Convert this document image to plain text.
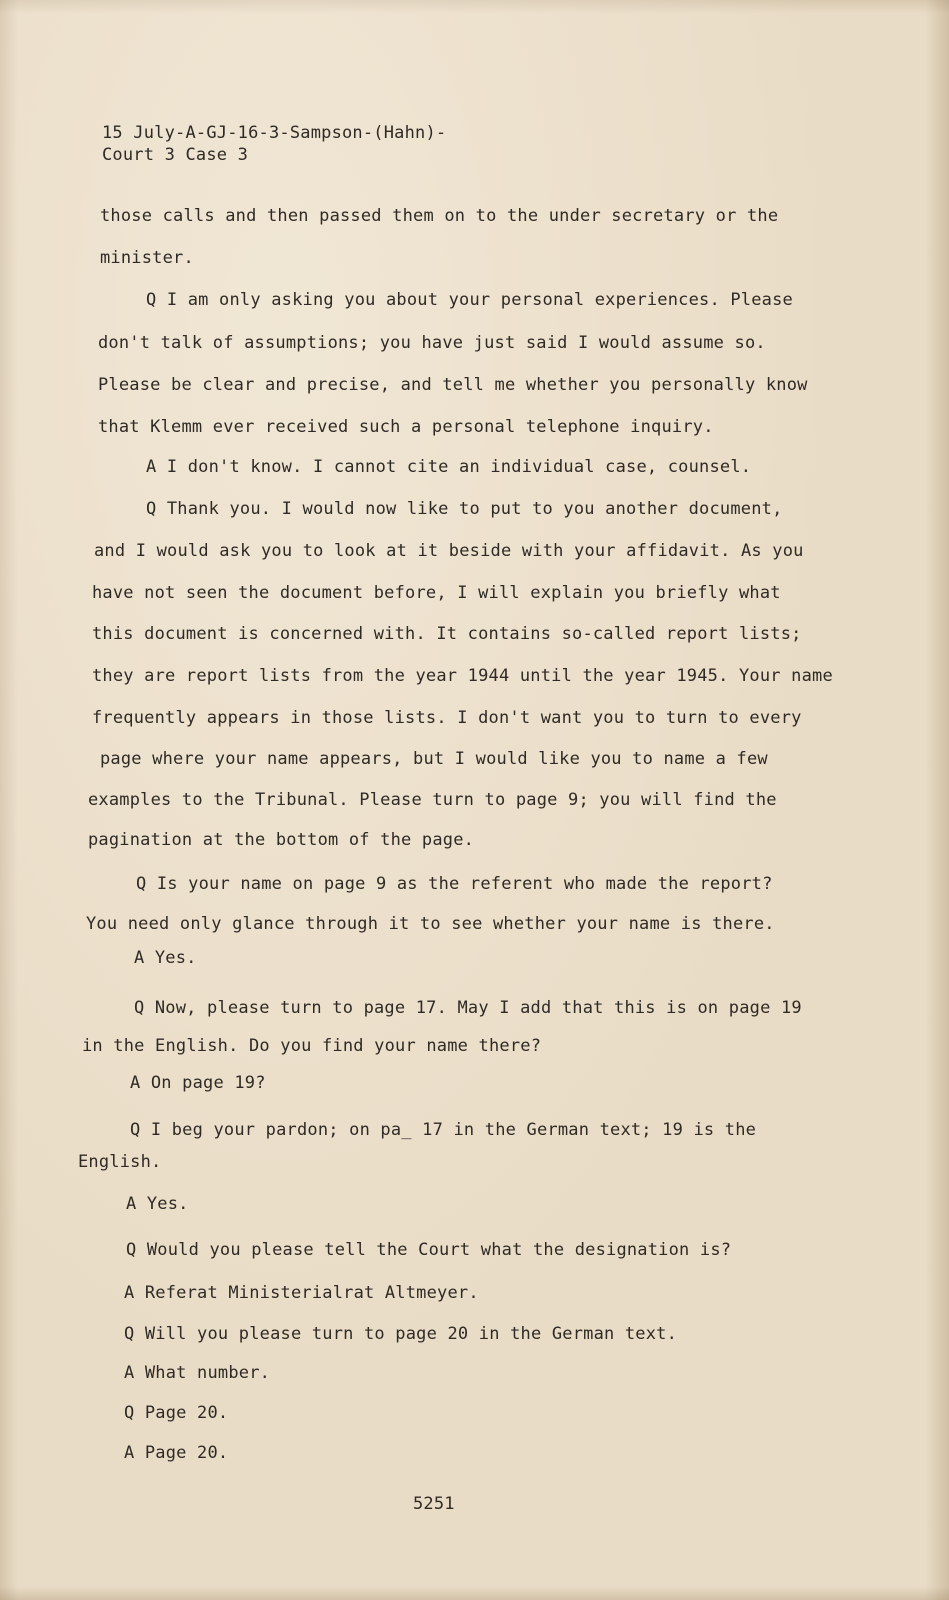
15 July-A-GJ-16-3-Sampson-(Hahn)-
Court 3 Case 3
those calls and then passed them on to the under secretary or the
minister.
Q I am only asking you about your personal experiences. Please
don't talk of assumptions; you have just said I would assume so.
Please be clear and precise, and tell me whether you personally know
that Klemm ever received such a personal telephone inquiry.
A I don't know. I cannot cite an individual case, counsel.
Q Thank you. I would now like to put to you another document,
and I would ask you to look at it beside with your affidavit. As you
have not seen the document before, I will explain you briefly what
this document is concerned with. It contains so-called report lists;
they are report lists from the year 1944 until the year 1945. Your name
frequently appears in those lists. I don't want you to turn to every
page where your name appears, but I would like you to name a few
examples to the Tribunal. Please turn to page 9; you will find the
pagination at the bottom of the page.
Q Is your name on page 9 as the referent who made the report?
You need only glance through it to see whether your name is there.
A Yes.
Q Now, please turn to page 17. May I add that this is on page 19
in the English. Do you find your name there?
A On page 19?
Q I beg your pardon; on pa_ 17 in the German text; 19 is the
English.
A Yes.
Q Would you please tell the Court what the designation is?
A Referat Ministerialrat Altmeyer.
Q Will you please turn to page 20 in the German text.
A What number.
Q Page 20.
A Page 20.
5251
